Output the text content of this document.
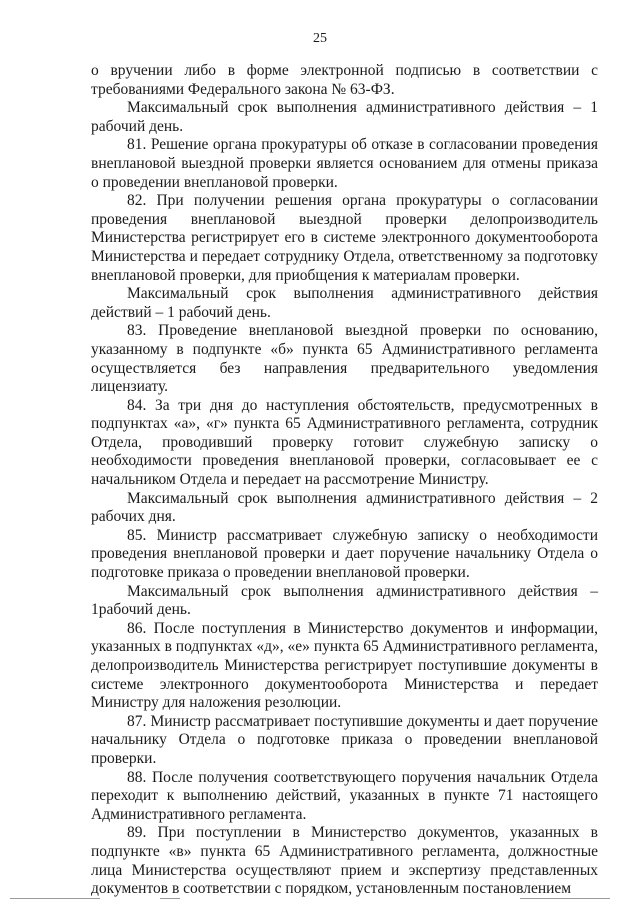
25

о вручении либо в форме электронной подписью в соответствии с требованиями Федерального закона № 63-ФЗ.

Максимальный срок выполнения административного действия – 1 рабочий день.

81. Решение органа прокуратуры об отказе в согласовании проведения внеплановой выездной проверки является основанием для отмены приказа о проведении внеплановой проверки.

82. При получении решения органа прокуратуры о согласовании проведения внеплановой выездной проверки делопроизводитель Министерства регистрирует его в системе электронного документооборота Министерства и передает сотруднику Отдела, ответственному за подготовку внеплановой проверки, для приобщения к материалам проверки.

Максимальный срок выполнения административного действия действий – 1 рабочий день.

83. Проведение внеплановой выездной проверки по основанию, указанному в подпункте «б» пункта 65 Административного регламента осуществляется без направления предварительного уведомления лицензиату.

84. За три дня до наступления обстоятельств, предусмотренных в подпунктах «а», «г» пункта 65 Административного регламента, сотрудник Отдела, проводивший проверку готовит служебную записку о необходимости проведения внеплановой проверки, согласовывает ее с начальником Отдела и передает на рассмотрение Министру.

Максимальный срок выполнения административного действия – 2 рабочих дня.

85. Министр рассматривает служебную записку о необходимости проведения внеплановой проверки и дает поручение начальнику Отдела о подготовке приказа о проведении внеплановой проверки.

Максимальный срок выполнения административного действия – 1рабочий день.

86. После поступления в Министерство документов и информации, указанных в подпунктах «д», «е» пункта 65 Административного регламента, делопроизводитель Министерства регистрирует поступившие документы в системе электронного документооборота Министерства и передает Министру для наложения резолюции.

87. Министр рассматривает поступившие документы и дает поручение начальнику Отдела о подготовке приказа о проведении внеплановой проверки.

88. После получения соответствующего поручения начальник Отдела переходит к выполнению действий, указанных в пункте 71 настоящего Административного регламента.

89. При поступлении в Министерство документов, указанных в подпункте «в» пункта 65 Административного регламента, должностные лица Министерства осуществляют прием и экспертизу представленных документов в соответствии с порядком, установленным постановлением
